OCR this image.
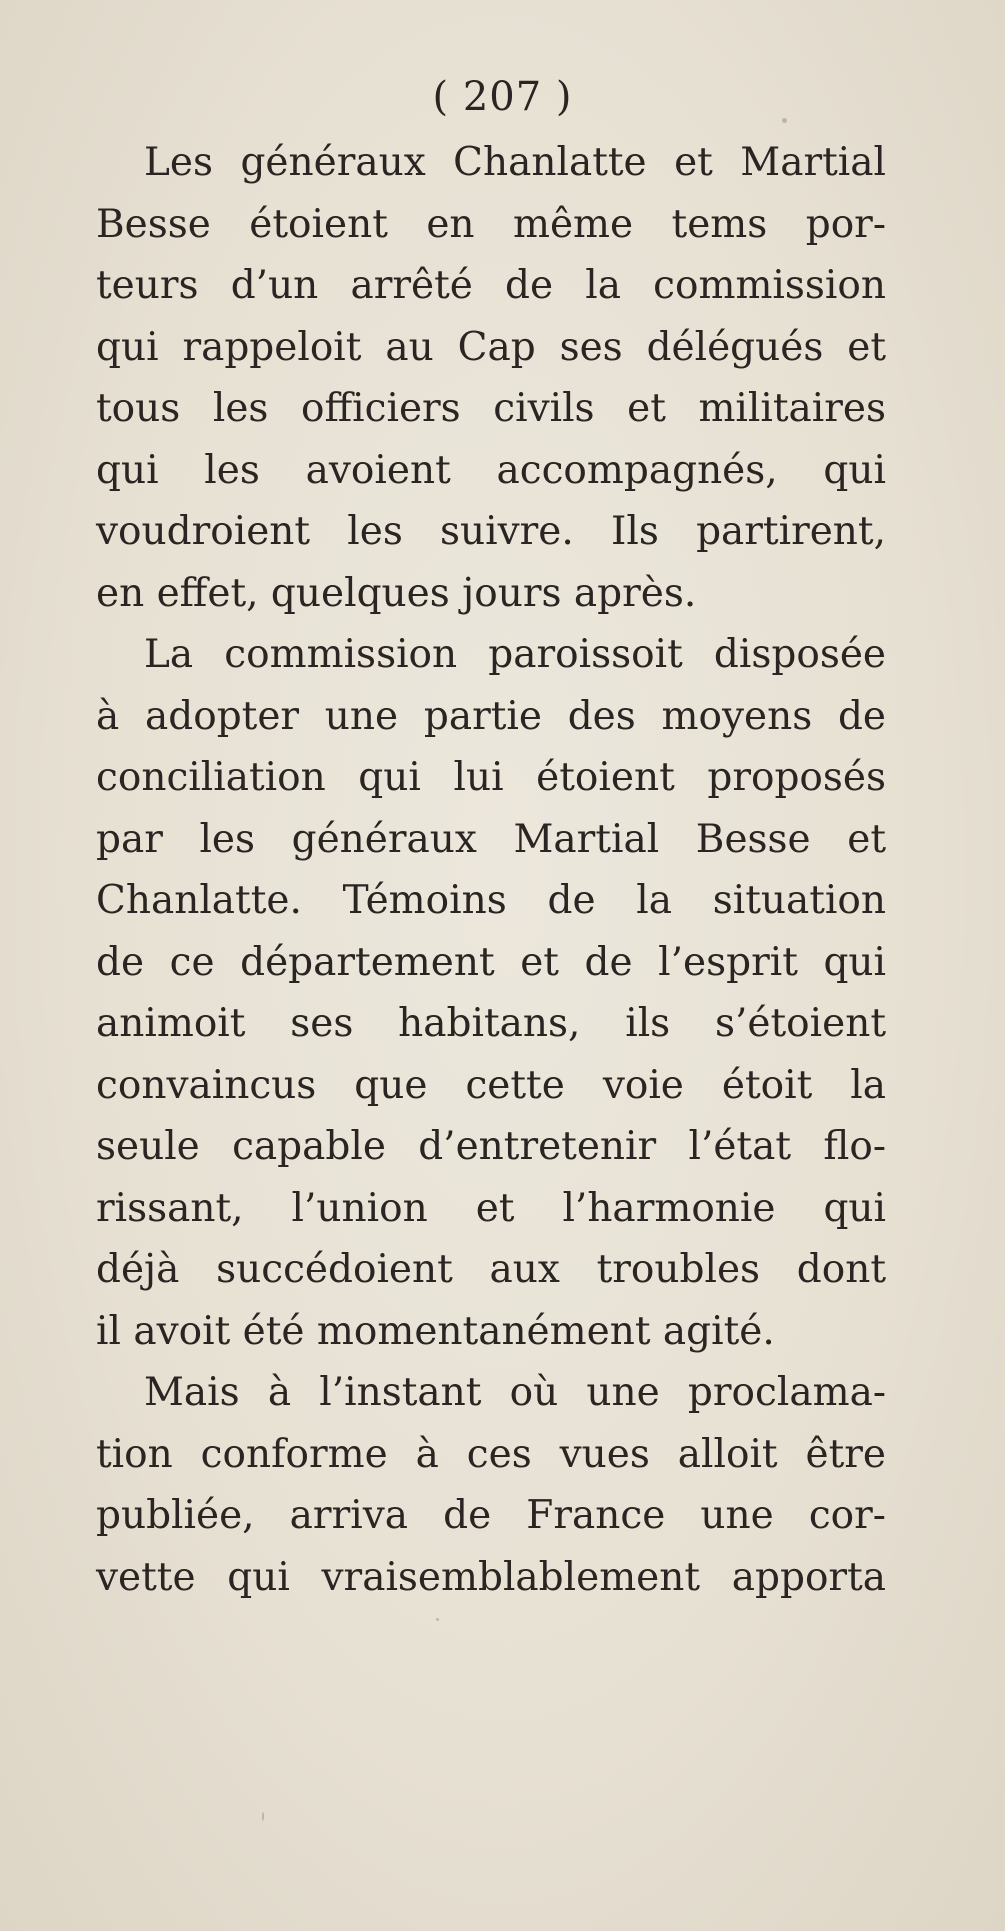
( 207 )
Les généraux Chanlatte et Martial
Besse étoient en même tems por-
teurs d’un arrêté de la commission
qui rappeloit au Cap ses délégués et
tous les officiers civils et militaires
qui les avoient accompagnés, qui
voudroient les suivre. Ils partirent,
en effet, quelques jours après.
La commission paroissoit disposée
à adopter une partie des moyens de
conciliation qui lui étoient proposés
par les généraux Martial Besse et
Chanlatte. Témoins de la situation
de ce département et de l’esprit qui
animoit ses habitans, ils s’étoient
convaincus que cette voie étoit la
seule capable d’entretenir l’état flo-
rissant, l’union et l’harmonie qui
déjà succédoient aux troubles dont
il avoit été momentanément agité.
Mais à l’instant où une proclama-
tion conforme à ces vues alloit être
publiée, arriva de France une cor-
vette qui vraisemblablement apporta
